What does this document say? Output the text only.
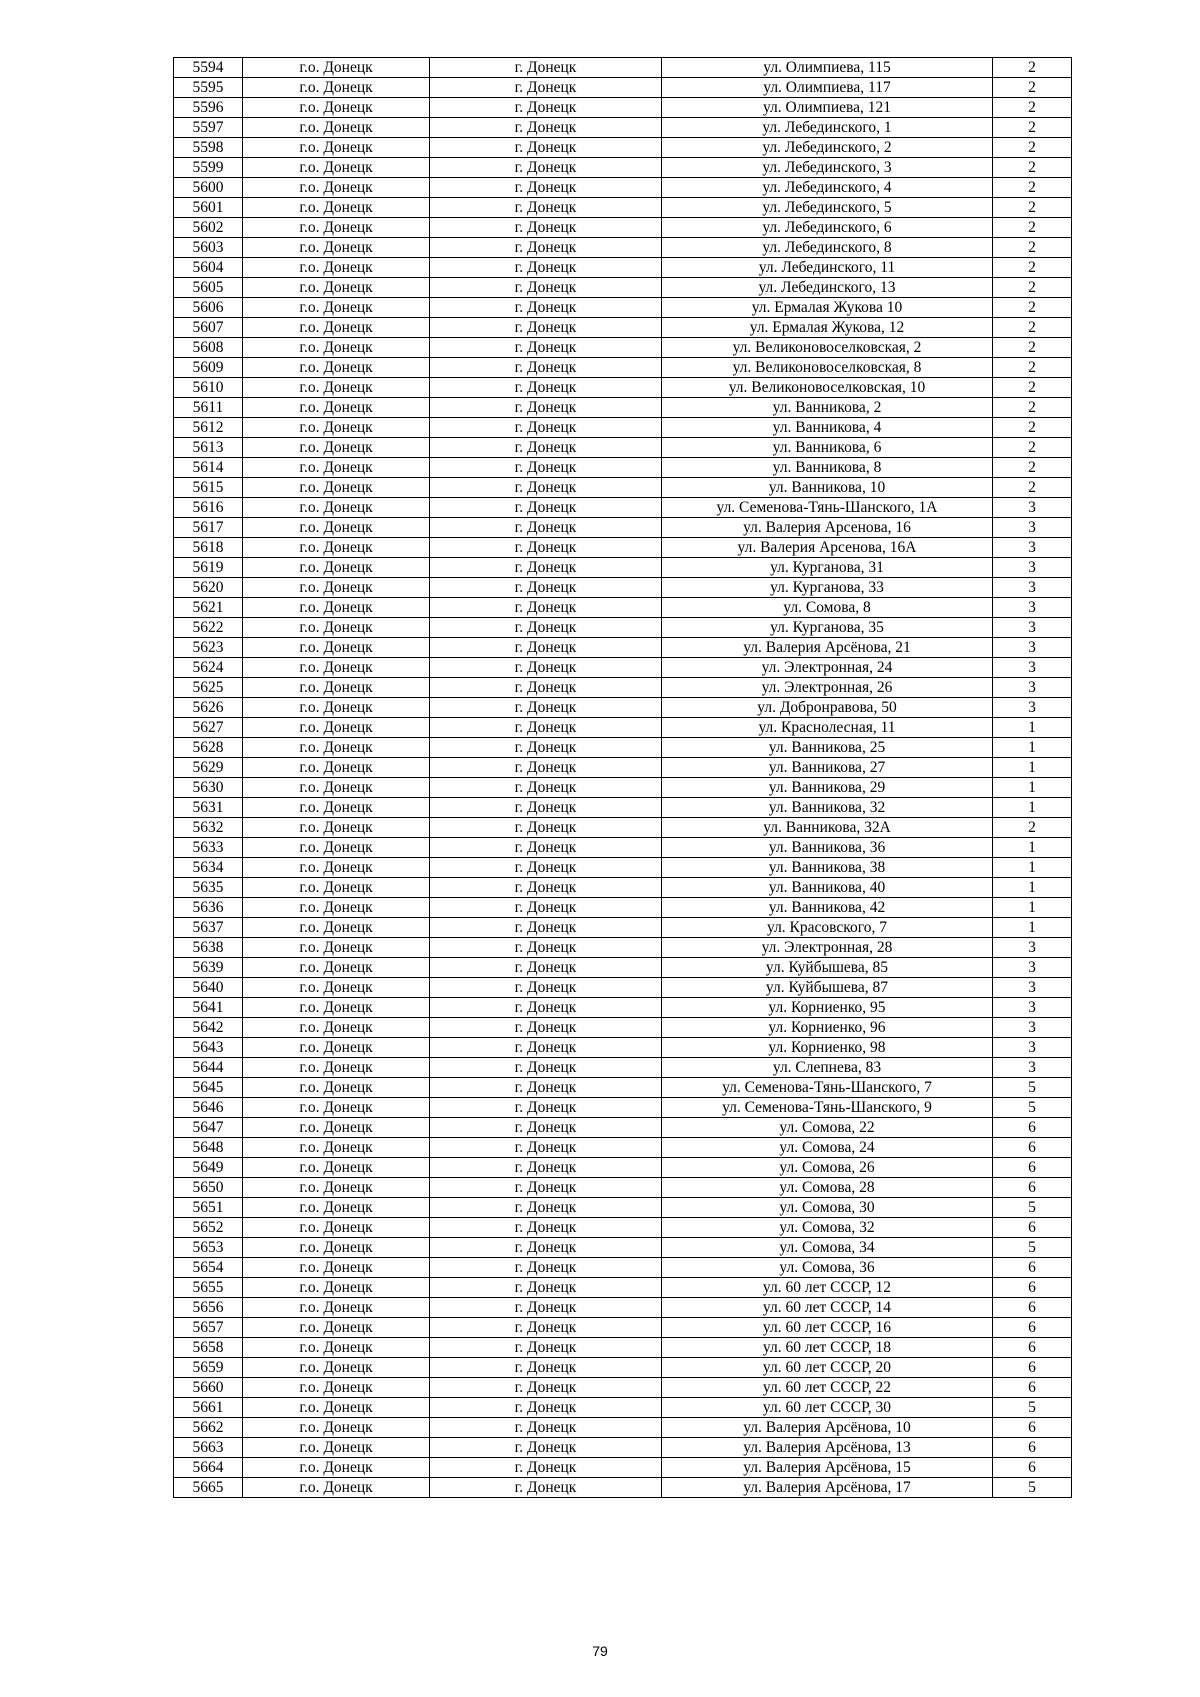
5594	г.о. Донецк	г. Донецк	ул. Олимпиева, 115	2
5595	г.о. Донецк	г. Донецк	ул. Олимпиева, 117	2
5596	г.о. Донецк	г. Донецк	ул. Олимпиева, 121	2
5597	г.о. Донецк	г. Донецк	ул. Лебединского, 1	2
5598	г.о. Донецк	г. Донецк	ул. Лебединского, 2	2
5599	г.о. Донецк	г. Донецк	ул. Лебединского, 3	2
5600	г.о. Донецк	г. Донецк	ул. Лебединского, 4	2
5601	г.о. Донецк	г. Донецк	ул. Лебединского, 5	2
5602	г.о. Донецк	г. Донецк	ул. Лебединского, 6	2
5603	г.о. Донецк	г. Донецк	ул. Лебединского, 8	2
5604	г.о. Донецк	г. Донецк	ул. Лебединского, 11	2
5605	г.о. Донецк	г. Донецк	ул. Лебединского, 13	2
5606	г.о. Донецк	г. Донецк	ул. Ермалая Жукова 10	2
5607	г.о. Донецк	г. Донецк	ул. Ермалая Жукова, 12	2
5608	г.о. Донецк	г. Донецк	ул. Великоновоселковская, 2	2
5609	г.о. Донецк	г. Донецк	ул. Великоновоселковская, 8	2
5610	г.о. Донецк	г. Донецк	ул. Великоновоселковская, 10	2
5611	г.о. Донецк	г. Донецк	ул. Ванникова, 2	2
5612	г.о. Донецк	г. Донецк	ул. Ванникова, 4	2
5613	г.о. Донецк	г. Донецк	ул. Ванникова, 6	2
5614	г.о. Донецк	г. Донецк	ул. Ванникова, 8	2
5615	г.о. Донецк	г. Донецк	ул. Ванникова, 10	2
5616	г.о. Донецк	г. Донецк	ул. Семенова-Тянь-Шанского, 1А	3
5617	г.о. Донецк	г. Донецк	ул. Валерия Арсенова, 16	3
5618	г.о. Донецк	г. Донецк	ул. Валерия Арсенова, 16А	3
5619	г.о. Донецк	г. Донецк	ул. Курганова, 31	3
5620	г.о. Донецк	г. Донецк	ул. Курганова, 33	3
5621	г.о. Донецк	г. Донецк	ул. Сомова, 8	3
5622	г.о. Донецк	г. Донецк	ул. Курганова, 35	3
5623	г.о. Донецк	г. Донецк	ул. Валерия Арсёнова, 21	3
5624	г.о. Донецк	г. Донецк	ул. Электронная, 24	3
5625	г.о. Донецк	г. Донецк	ул. Электронная, 26	3
5626	г.о. Донецк	г. Донецк	ул. Добронравова, 50	3
5627	г.о. Донецк	г. Донецк	ул. Краснолесная, 11	1
5628	г.о. Донецк	г. Донецк	ул. Ванникова, 25	1
5629	г.о. Донецк	г. Донецк	ул. Ванникова, 27	1
5630	г.о. Донецк	г. Донецк	ул. Ванникова, 29	1
5631	г.о. Донецк	г. Донецк	ул. Ванникова, 32	1
5632	г.о. Донецк	г. Донецк	ул. Ванникова, 32А	2
5633	г.о. Донецк	г. Донецк	ул. Ванникова, 36	1
5634	г.о. Донецк	г. Донецк	ул. Ванникова, 38	1
5635	г.о. Донецк	г. Донецк	ул. Ванникова, 40	1
5636	г.о. Донецк	г. Донецк	ул. Ванникова, 42	1
5637	г.о. Донецк	г. Донецк	ул. Красовского, 7	1
5638	г.о. Донецк	г. Донецк	ул. Электронная, 28	3
5639	г.о. Донецк	г. Донецк	ул. Куйбышева, 85	3
5640	г.о. Донецк	г. Донецк	ул. Куйбышева, 87	3
5641	г.о. Донецк	г. Донецк	ул. Корниенко, 95	3
5642	г.о. Донецк	г. Донецк	ул. Корниенко, 96	3
5643	г.о. Донецк	г. Донецк	ул. Корниенко, 98	3
5644	г.о. Донецк	г. Донецк	ул. Слепнева, 83	3
5645	г.о. Донецк	г. Донецк	ул. Семенова-Тянь-Шанского, 7	5
5646	г.о. Донецк	г. Донецк	ул. Семенова-Тянь-Шанского, 9	5
5647	г.о. Донецк	г. Донецк	ул. Сомова, 22	6
5648	г.о. Донецк	г. Донецк	ул. Сомова, 24	6
5649	г.о. Донецк	г. Донецк	ул. Сомова, 26	6
5650	г.о. Донецк	г. Донецк	ул. Сомова, 28	6
5651	г.о. Донецк	г. Донецк	ул. Сомова, 30	5
5652	г.о. Донецк	г. Донецк	ул. Сомова, 32	6
5653	г.о. Донецк	г. Донецк	ул. Сомова, 34	5
5654	г.о. Донецк	г. Донецк	ул. Сомова, 36	6
5655	г.о. Донецк	г. Донецк	ул. 60 лет СССР, 12	6
5656	г.о. Донецк	г. Донецк	ул. 60 лет СССР, 14	6
5657	г.о. Донецк	г. Донецк	ул. 60 лет СССР, 16	6
5658	г.о. Донецк	г. Донецк	ул. 60 лет СССР, 18	6
5659	г.о. Донецк	г. Донецк	ул. 60 лет СССР, 20	6
5660	г.о. Донецк	г. Донецк	ул. 60 лет СССР, 22	6
5661	г.о. Донецк	г. Донецк	ул. 60 лет СССР, 30	5
5662	г.о. Донецк	г. Донецк	ул. Валерия Арсёнова, 10	6
5663	г.о. Донецк	г. Донецк	ул. Валерия Арсёнова, 13	6
5664	г.о. Донецк	г. Донецк	ул. Валерия Арсёнова, 15	6
5665	г.о. Донецк	г. Донецк	ул. Валерия Арсёнова, 17	5
79
